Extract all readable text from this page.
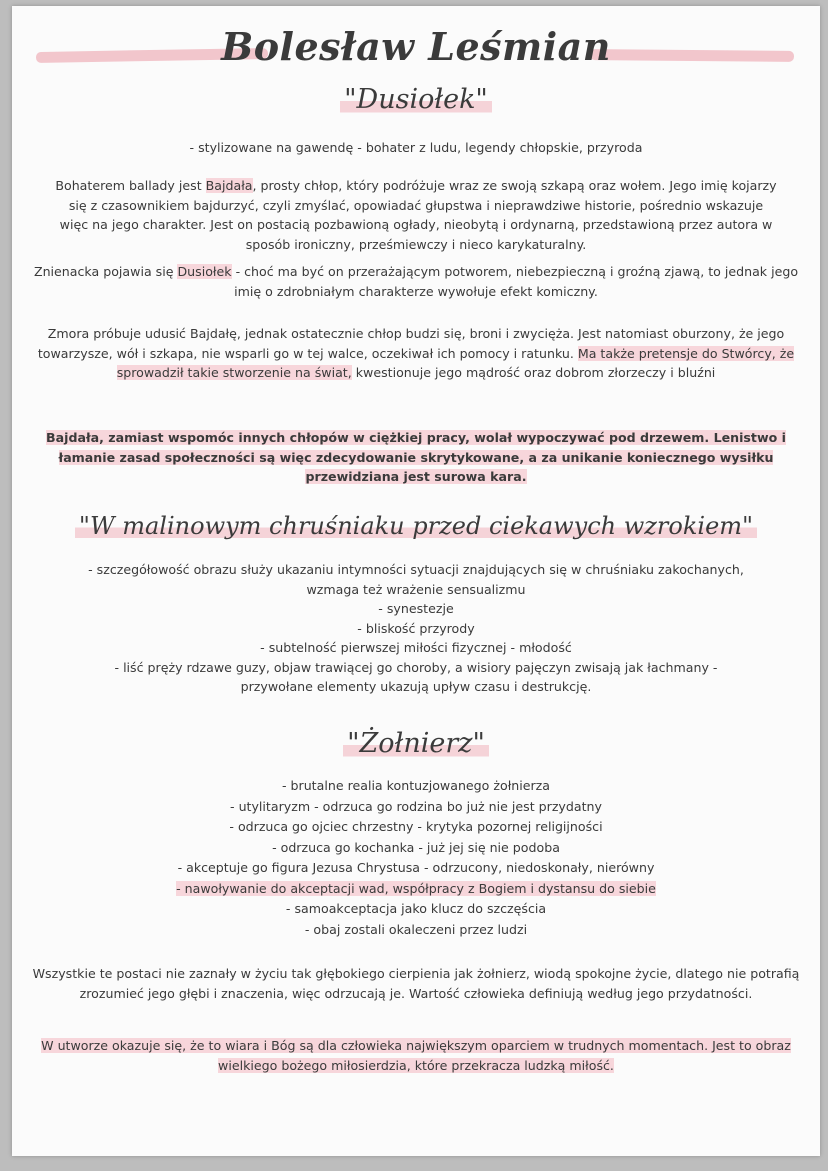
Bolesław Leśmian
"Dusiołek"

- stylizowane na gawendę - bohater z ludu, legendy chłopskie, przyroda

Bohaterem ballady jest Bajdała, prosty chłop, który podróżuje wraz ze swoją szkapą oraz wołem. Jego imię kojarzy się z czasownikiem bajdurzyć, czyli zmyślać, opowiadać głupstwa i nieprawdziwe historie, pośrednio wskazuje więc na jego charakter. Jest on postacią pozbawioną ogłady, nieobytą i ordynarną, przedstawioną przez autora w sposób ironiczny, prześmiewczy i nieco karykaturalny.

Znienacka pojawia się Dusiołek - choć ma być on przerażającym potworem, niebezpieczną i groźną zjawą, to jednak jego imię o zdrobniałym charakterze wywołuje efekt komiczny.

Zmora próbuje udusić Bajdałę, jednak ostatecznie chłop budzi się, broni i zwycięża. Jest natomiast oburzony, że jego towarzysze, wół i szkapa, nie wsparli go w tej walce, oczekiwał ich pomocy i ratunku. Ma także pretensje do Stwórcy, że sprowadził takie stworzenie na świat, kwestionuje jego mądrość oraz dobrom złorzeczy i bluźni

Bajdała, zamiast wspomóc innych chłopów w ciężkiej pracy, wolał wypoczywać pod drzewem. Lenistwo i łamanie zasad społeczności są więc zdecydowanie skrytykowane, a za unikanie koniecznego wysiłku przewidziana jest surowa kara.

"W malinowym chruśniaku przed ciekawych wzrokiem"

- szczegółowość obrazu służy ukazaniu intymności sytuacji znajdujących się w chruśniaku zakochanych,

wzmaga też wrażenie sensualizmu

- synestezje

- bliskość przyrody

- subtelność pierwszej miłości fizycznej - młodość

- liść pręży rdzawe guzy, objaw trawiącej go choroby, a wisiory pajęczyn zwisają jak łachmany -

przywołane elementy ukazują upływ czasu i destrukcję.

"Żołnierz"

- brutalne realia kontuzjowanego żołnierza

- utylitaryzm - odrzuca go rodzina bo już nie jest przydatny

- odrzuca go ojciec chrzestny - krytyka pozornej religijności

- odrzuca go kochanka - już jej się nie podoba

- akceptuje go figura Jezusa Chrystusa - odrzucony, niedoskonały, nierówny

- nawoływanie do akceptacji wad, współpracy z Bogiem i dystansu do siebie

- samoakceptacja jako klucz do szczęścia

- obaj zostali okaleczeni przez ludzi

Wszystkie te postaci nie zaznały w życiu tak głębokiego cierpienia jak żołnierz, wiodą spokojne życie, dlatego nie potrafią zrozumieć jego głębi i znaczenia, więc odrzucają je. Wartość człowieka definiują według jego przydatności.

W utworze okazuje się, że to wiara i Bóg są dla człowieka największym oparciem w trudnych momentach. Jest to obraz wielkiego bożego miłosierdzia, które przekracza ludzką miłość.
